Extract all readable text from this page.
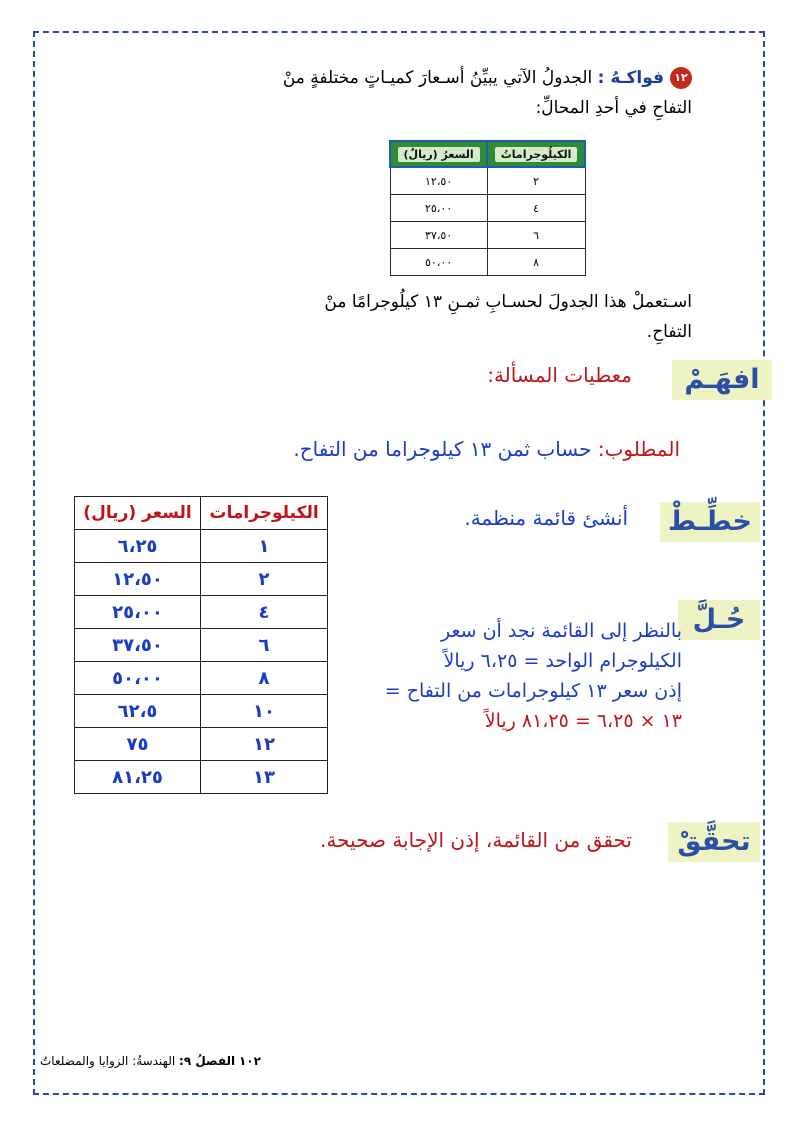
١٢فواكـهُ : الجدولُ الآتي يبيِّنُ أسـعارَ كميـاتٍ مختلفةٍ منْ
التفاحِ في أحدِ المحالِّ:
الكيلُوجراماتُ	السعرُ (ريالٌ)
٢	١٢،٥٠
٤	٢٥،٠٠
٦	٣٧،٥٠
٨	٥٠،٠٠
اسـتعملْ هذا الجدولَ لحسـابِ ثمـنِ ١٣ كيلُوجرامًا منْ
التفاحِ.
افهَـمْ
معطيات المسألة:
المطلوب: حساب ثمن ١٣ كيلوجراما من التفاح.
خطِّـطْ
أنشئ قائمة منظمة.
حُـلَّ
بالنظر إلى القائمة نجد أن سعر
الكيلوجرام الواحد = ٦،٢٥ ريالاً
إذن سعر ١٣ كيلوجرامات من التفاح =
١٣ × ٦،٢٥ = ٨١،٢٥ ريالاً
الكيلوجرامات	السعر (ريال)
١	٦،٢٥
٢	١٢،٥٠
٤	٢٥،٠٠
٦	٣٧،٥٠
٨	٥٠،٠٠
١٠	٦٢،٥
١٢	٧٥
١٣	٨١،٢٥
تحقَّقْ
تحقق من القائمة، إذن الإجابة صحيحة.
١٠٢ الفصلُ ٩: الهندسةُ: الزوايا والمضلعاتُ
